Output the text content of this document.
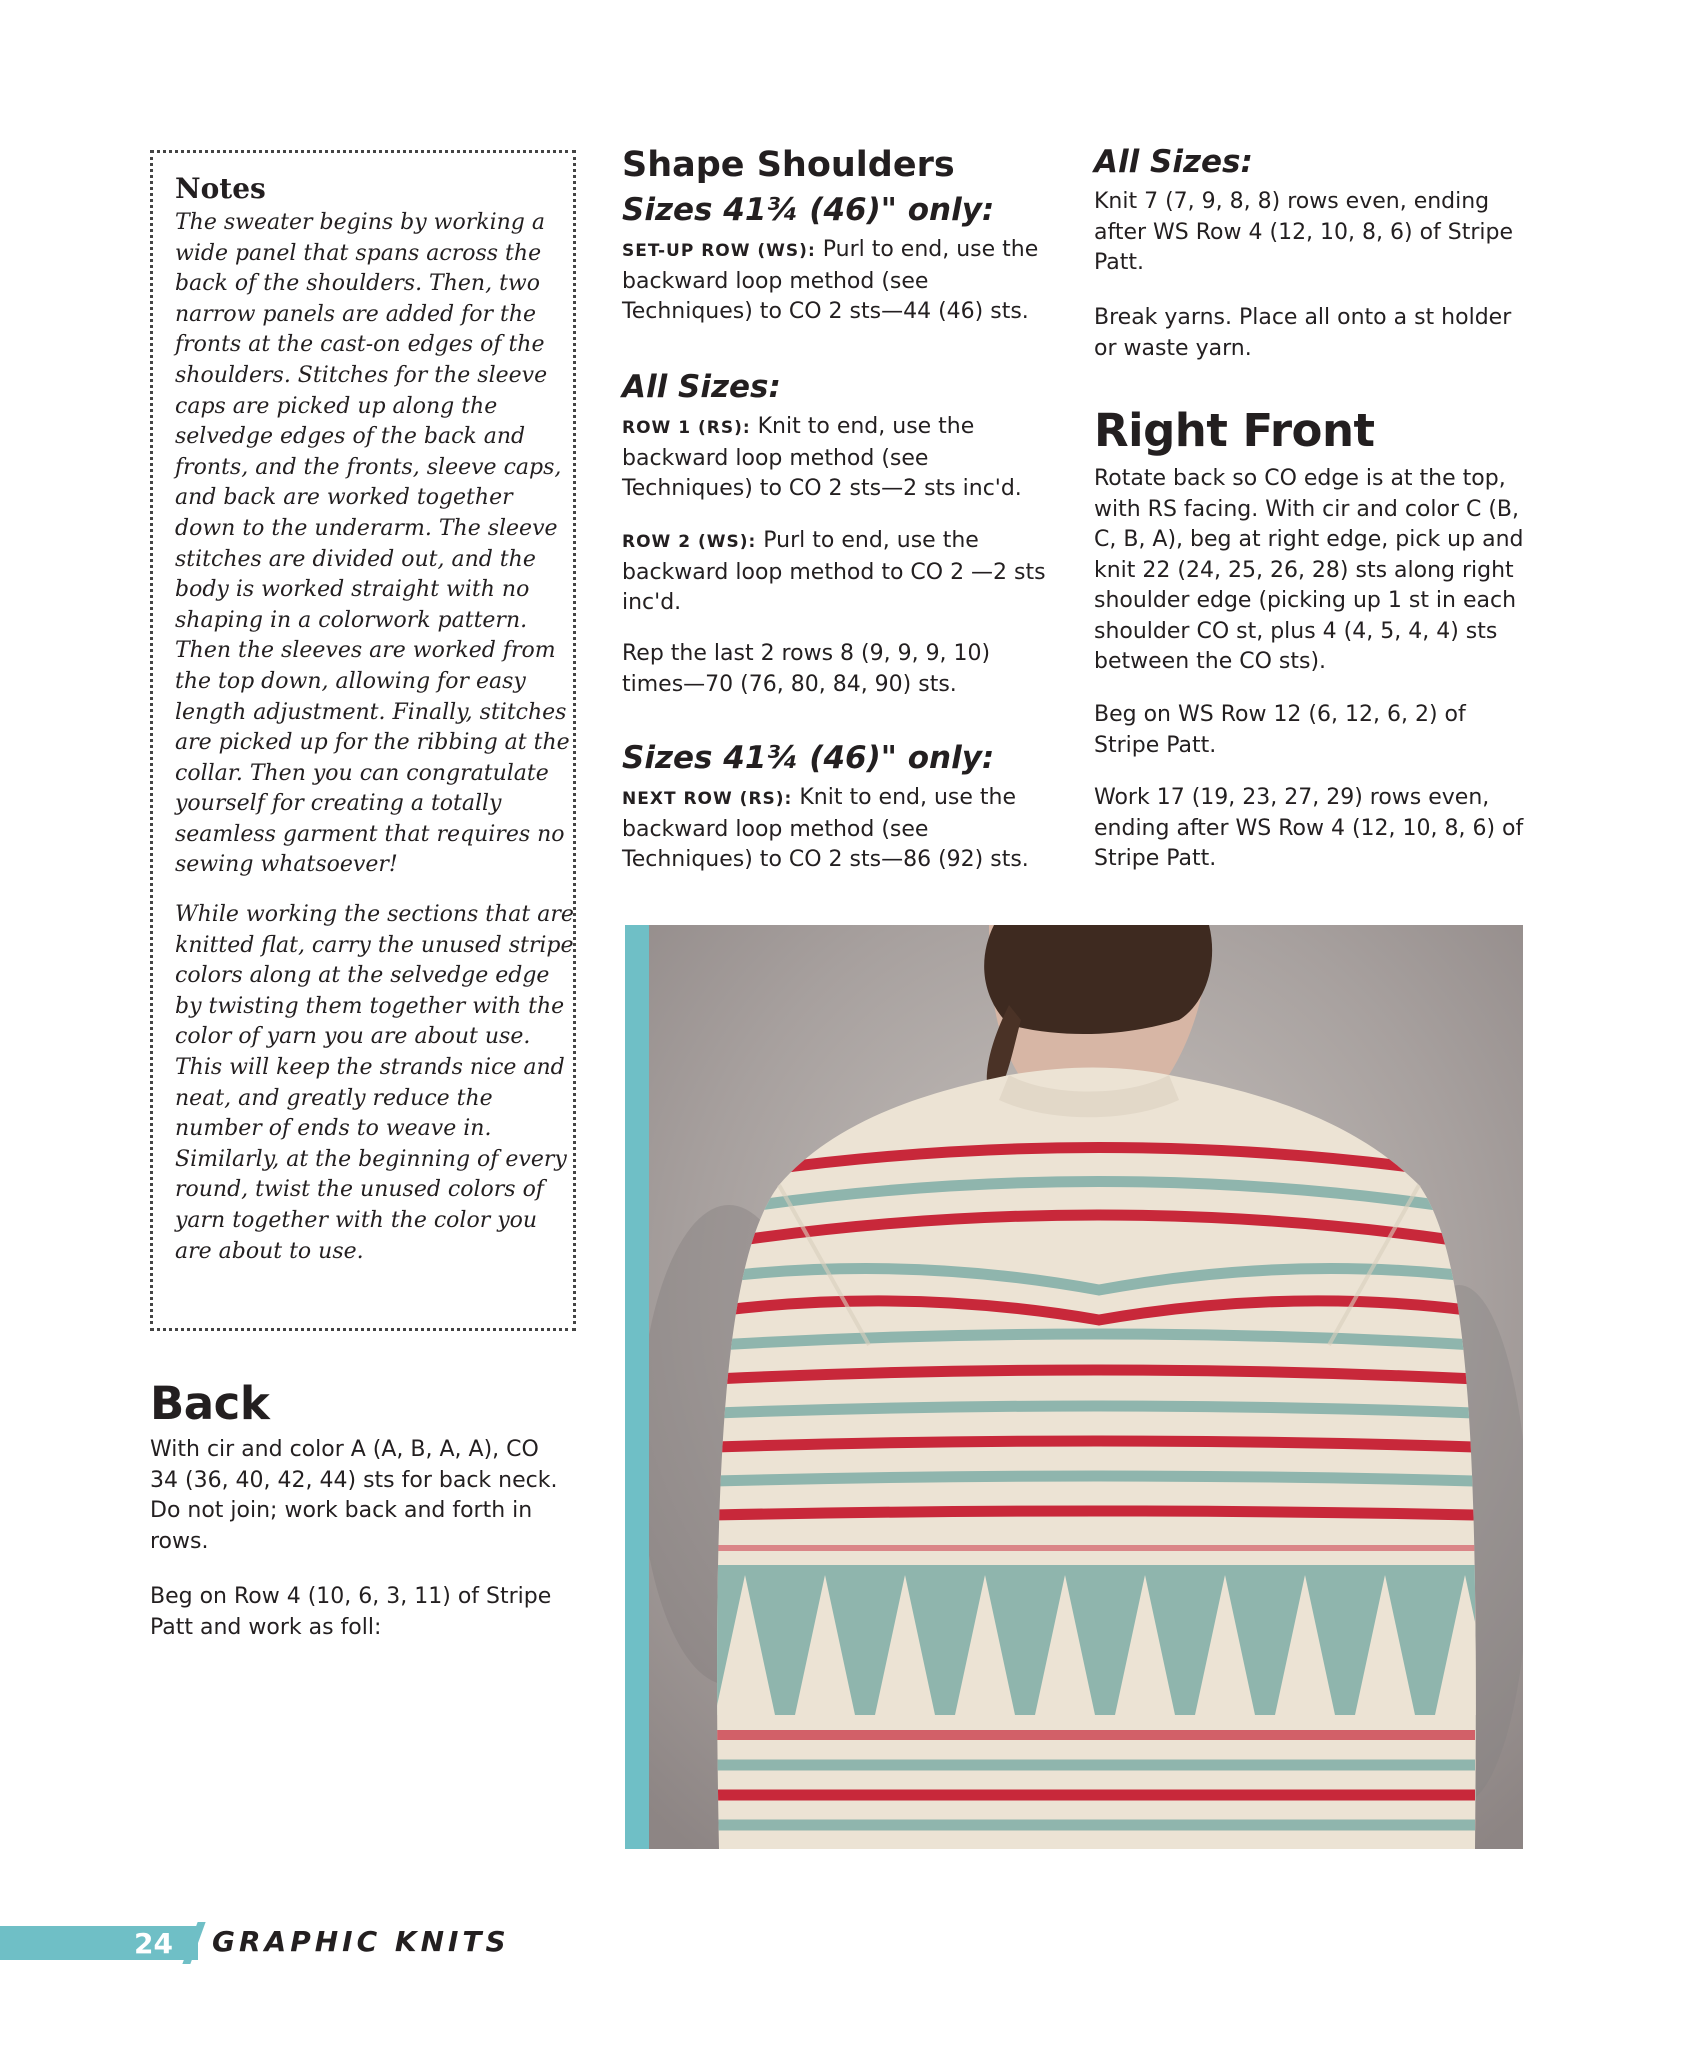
Notes

The sweater begins by working a wide panel that spans across the back of the shoulders. Then, two narrow panels are added for the fronts at the cast-on edges of the shoulders. Stitches for the sleeve caps are picked up along the selvedge edges of the back and fronts, and the fronts, sleeve caps, and back are worked together down to the underarm. The sleeve stitches are divided out, and the body is worked straight with no shaping in a colorwork pattern. Then the sleeves are worked from the top down, allowing for easy length adjustment. Finally, stitches are picked up for the ribbing at the collar. Then you can congratulate yourself for creating a totally seamless garment that requires no sewing whatsoever!

While working the sections that are knitted flat, carry the unused stripe colors along at the selvedge edge by twisting them together with the color of yarn you are about use. This will keep the strands nice and neat, and greatly reduce the number of ends to weave in. Similarly, at the beginning of every round, twist the unused colors of yarn together with the color you are about to use.

Back

With cir and color A (A, B, A, A), CO 34 (36, 40, 42, 44) sts for back neck. Do not join; work back and forth in rows.

Beg on Row 4 (10, 6, 3, 11) of Stripe Patt and work as foll:

Shape Shoulders
Sizes 41¾ (46)" only:

SET-UP ROW (WS): Purl to end, use the backward loop method (see Techniques) to CO 2 sts—44 (46) sts.

All Sizes:

ROW 1 (RS): Knit to end, use the backward loop method (see Techniques) to CO 2 sts—2 sts inc'd.

ROW 2 (WS): Purl to end, use the backward loop method to CO 2 —2 sts inc'd.

Rep the last 2 rows 8 (9, 9, 9, 10) times—70 (76, 80, 84, 90) sts.

Sizes 41¾ (46)" only:

NEXT ROW (RS): Knit to end, use the backward loop method (see Techniques) to CO 2 sts—86 (92) sts.

All Sizes:

Knit 7 (7, 9, 8, 8) rows even, ending after WS Row 4 (12, 10, 8, 6) of Stripe Patt.

Break yarns. Place all onto a st holder or waste yarn.

Right Front

Rotate back so CO edge is at the top, with RS facing. With cir and color C (B, C, B, A), beg at right edge, pick up and knit 22 (24, 25, 26, 28) sts along right shoulder edge (picking up 1 st in each shoulder CO st, plus 4 (4, 5, 4, 4) sts between the CO sts).

Beg on WS Row 12 (6, 12, 6, 2) of Stripe Patt.

Work 17 (19, 23, 27, 29) rows even, ending after WS Row 4 (12, 10, 8, 6) of Stripe Patt.

24 GRAPHIC KNITS
